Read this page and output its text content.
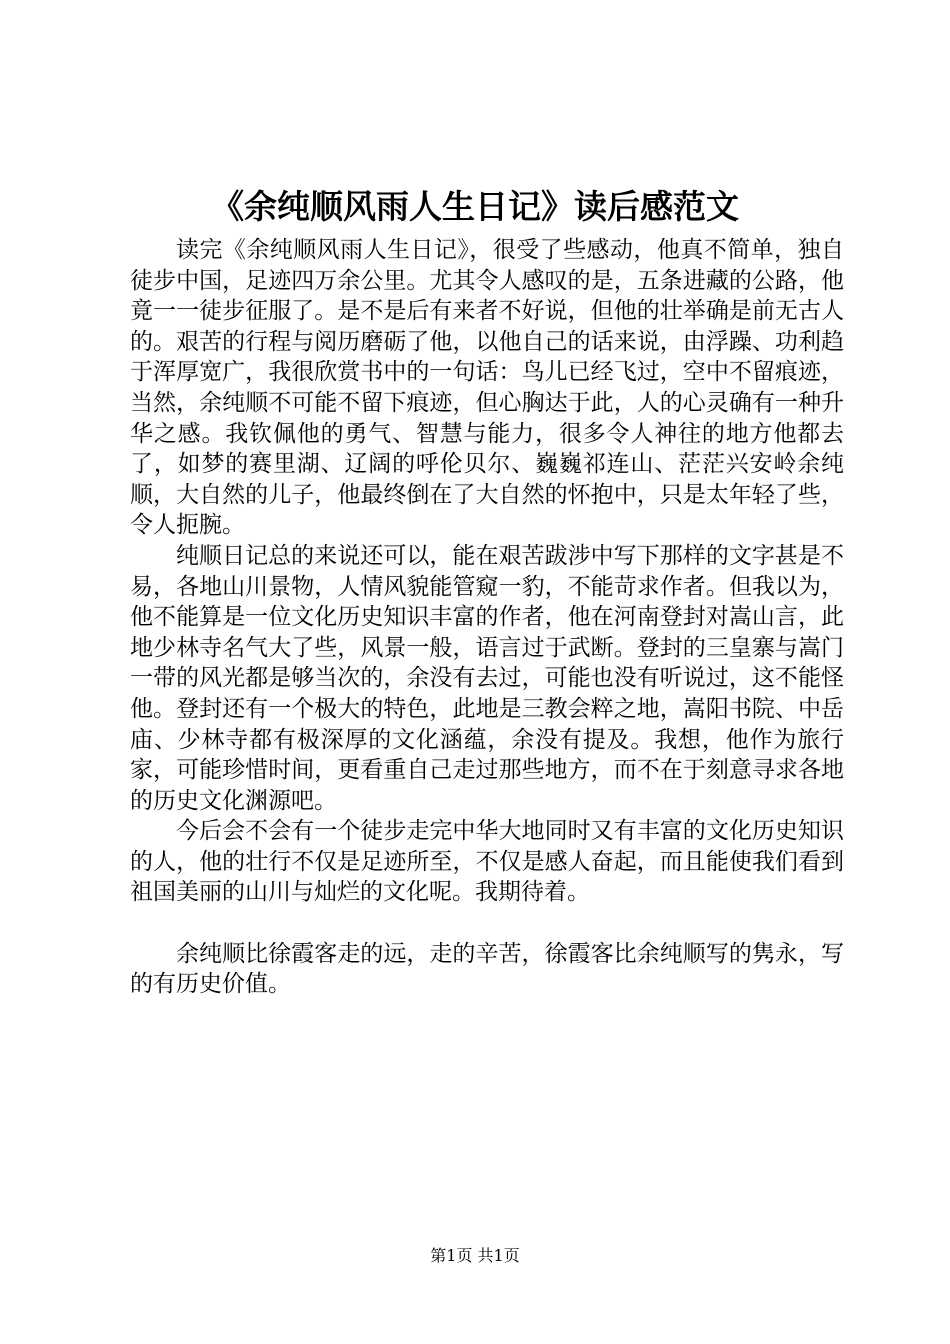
《余纯顺风雨人生日记》读后感范文

读完《余纯顺风雨人生日记》，很受了些感动，他真不简单，独自徒步中国，足迹四万余公里。尤其令人感叹的是，五条进藏的公路，他竟一一徒步征服了。是不是后有来者不好说，但他的壮举确是前无古人的。艰苦的行程与阅历磨砺了他，以他自己的话来说，由浮躁、功利趋于浑厚宽广，我很欣赏书中的一句话：鸟儿已经飞过，空中不留痕迹，当然，余纯顺不可能不留下痕迹，但心胸达于此，人的心灵确有一种升华之感。我钦佩他的勇气、智慧与能力，很多令人神往的地方他都去了，如梦的赛里湖、辽阔的呼伦贝尔、巍巍祁连山、茫茫兴安岭余纯顺，大自然的儿子，他最终倒在了大自然的怀抱中，只是太年轻了些，令人扼腕。

纯顺日记总的来说还可以，能在艰苦跋涉中写下那样的文字甚是不易，各地山川景物，人情风貌能管窥一豹，不能苛求作者。但我以为，他不能算是一位文化历史知识丰富的作者，他在河南登封对嵩山言，此地少林寺名气大了些，风景一般，语言过于武断。登封的三皇寨与嵩门一带的风光都是够当次的，余没有去过，可能也没有听说过，这不能怪他。登封还有一个极大的特色，此地是三教会粹之地，嵩阳书院、中岳庙、少林寺都有极深厚的文化涵蕴，余没有提及。我想，他作为旅行家，可能珍惜时间，更看重自己走过那些地方，而不在于刻意寻求各地的历史文化渊源吧。

今后会不会有一个徒步走完中华大地同时又有丰富的文化历史知识的人，他的壮行不仅是足迹所至，不仅是感人奋起，而且能使我们看到祖国美丽的山川与灿烂的文化呢。我期待着。

余纯顺比徐霞客走的远，走的辛苦，徐霞客比余纯顺写的隽永，写的有历史价值。

第1页 共1页
